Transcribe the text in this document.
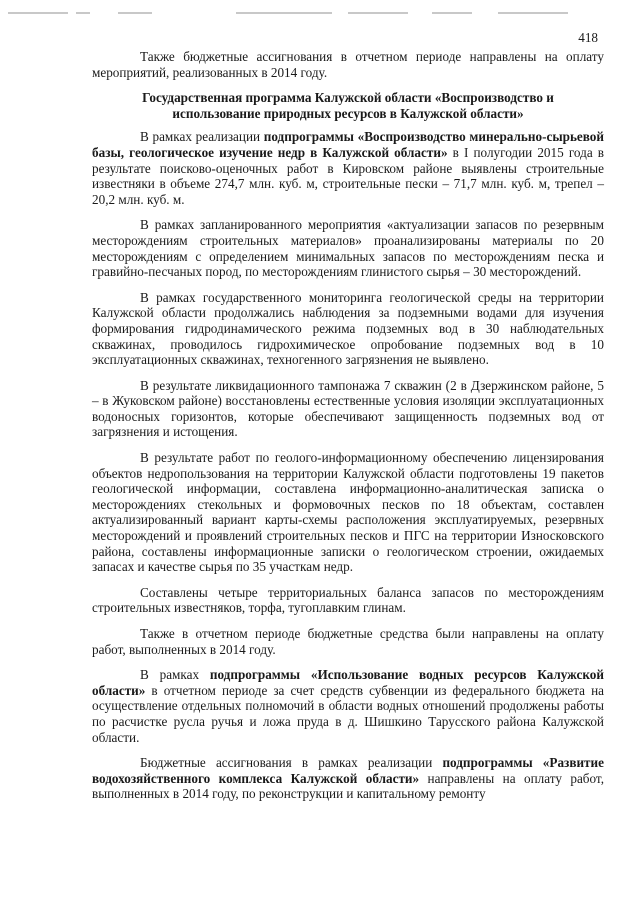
418

Также бюджетные ассигнования в отчетном периоде направлены на оплату мероприятий, реализованных в 2014 году.

Государственная программа Калужской области «Воспроизводство и использование природных ресурсов в Калужской области»

В рамках реализации подпрограммы «Воспроизводство минерально-сырьевой базы, геологическое изучение недр в Калужской области» в I полугодии 2015 года в результате поисково-оценочных работ в Кировском районе выявлены строительные известняки в объеме 274,7 млн. куб. м, строительные пески – 71,7 млн. куб. м, трепел – 20,2 млн. куб. м.

В рамках запланированного мероприятия «актуализации запасов по резервным месторождениям строительных материалов» проанализированы материалы по 20 месторождениям с определением минимальных запасов по месторождениям песка и гравийно-песчаных пород, по месторождениям глинистого сырья – 30 месторождений.

В рамках государственного мониторинга геологической среды на территории Калужской области продолжались наблюдения за подземными водами для изучения формирования гидродинамического режима подземных вод в 30 наблюдательных скважинах, проводилось гидрохимическое опробование подземных вод в 10 эксплуатационных скважинах, техногенного загрязнения не выявлено.

В результате ликвидационного тампонажа 7 скважин (2 в Дзержинском районе, 5 – в Жуковском районе) восстановлены естественные условия изоляции эксплуатационных водоносных горизонтов, которые обеспечивают защищенность подземных вод от загрязнения и истощения.

В результате работ по геолого-информационному обеспечению лицензирования объектов недропользования на территории Калужской области подготовлены 19 пакетов геологической информации, составлена информационно-аналитическая записка о месторождениях стекольных и формовочных песков по 18 объектам, составлен актуализированный вариант карты-схемы расположения эксплуатируемых, резервных месторождений и проявлений строительных песков и ПГС на территории Износковского района, составлены информационные записки о геологическом строении, ожидаемых запасах и качестве сырья по 35 участкам недр.

Составлены четыре территориальных баланса запасов по месторождениям строительных известняков, торфа, тугоплавким глинам.

Также в отчетном периоде бюджетные средства были направлены на оплату работ, выполненных в 2014 году.

В рамках подпрограммы «Использование водных ресурсов Калужской области» в отчетном периоде за счет средств субвенции из федерального бюджета на осуществление отдельных полномочий в области водных отношений продолжены работы по расчистке русла ручья и ложа пруда в д. Шишкино Тарусского района Калужской области.

Бюджетные ассигнования в рамках реализации подпрограммы «Развитие водохозяйственного комплекса Калужской области» направлены на оплату работ, выполненных в 2014 году, по реконструкции и капитальному ремонту
